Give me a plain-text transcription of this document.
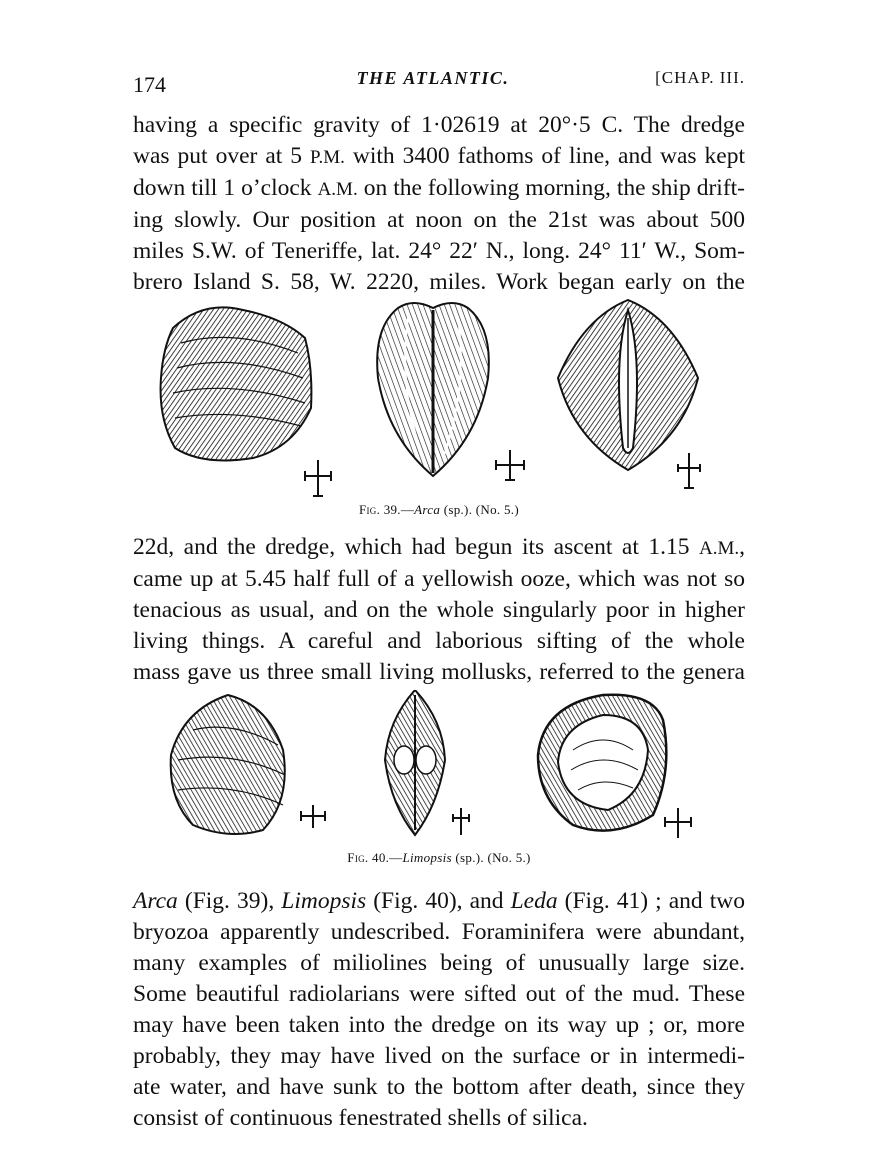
174	THE ATLANTIC.	[CHAP. III.
having a specific gravity of 1·02619 at 20°·5 C. The dredge
was put over at 5 P.M. with 3400 fathoms of line, and was kept
down till 1 o’clock A.M. on the following morning, the ship drift-
ing slowly. Our position at noon on the 21st was about 500
miles S.W. of Teneriffe, lat. 24° 22′ N., long. 24° 11′ W., Som-
brero Island S. 58, W. 2220, miles. Work began early on the
Fig. 39.—Arca (sp.). (No. 5.)
22d, and the dredge, which had begun its ascent at 1.15 A.M.,
came up at 5.45 half full of a yellowish ooze, which was not so
tenacious as usual, and on the whole singularly poor in higher
living things. A careful and laborious sifting of the whole
mass gave us three small living mollusks, referred to the genera
Fig. 40.—Limopsis (sp.). (No. 5.)
Arca (Fig. 39), Limopsis (Fig. 40), and Leda (Fig. 41) ; and two
bryozoa apparently undescribed. Foraminifera were abundant,
many examples of miliolines being of unusually large size.
Some beautiful radiolarians were sifted out of the mud. These
may have been taken into the dredge on its way up ; or, more
probably, they may have lived on the surface or in intermedi-
ate water, and have sunk to the bottom after death, since they
consist of continuous fenestrated shells of silica.
